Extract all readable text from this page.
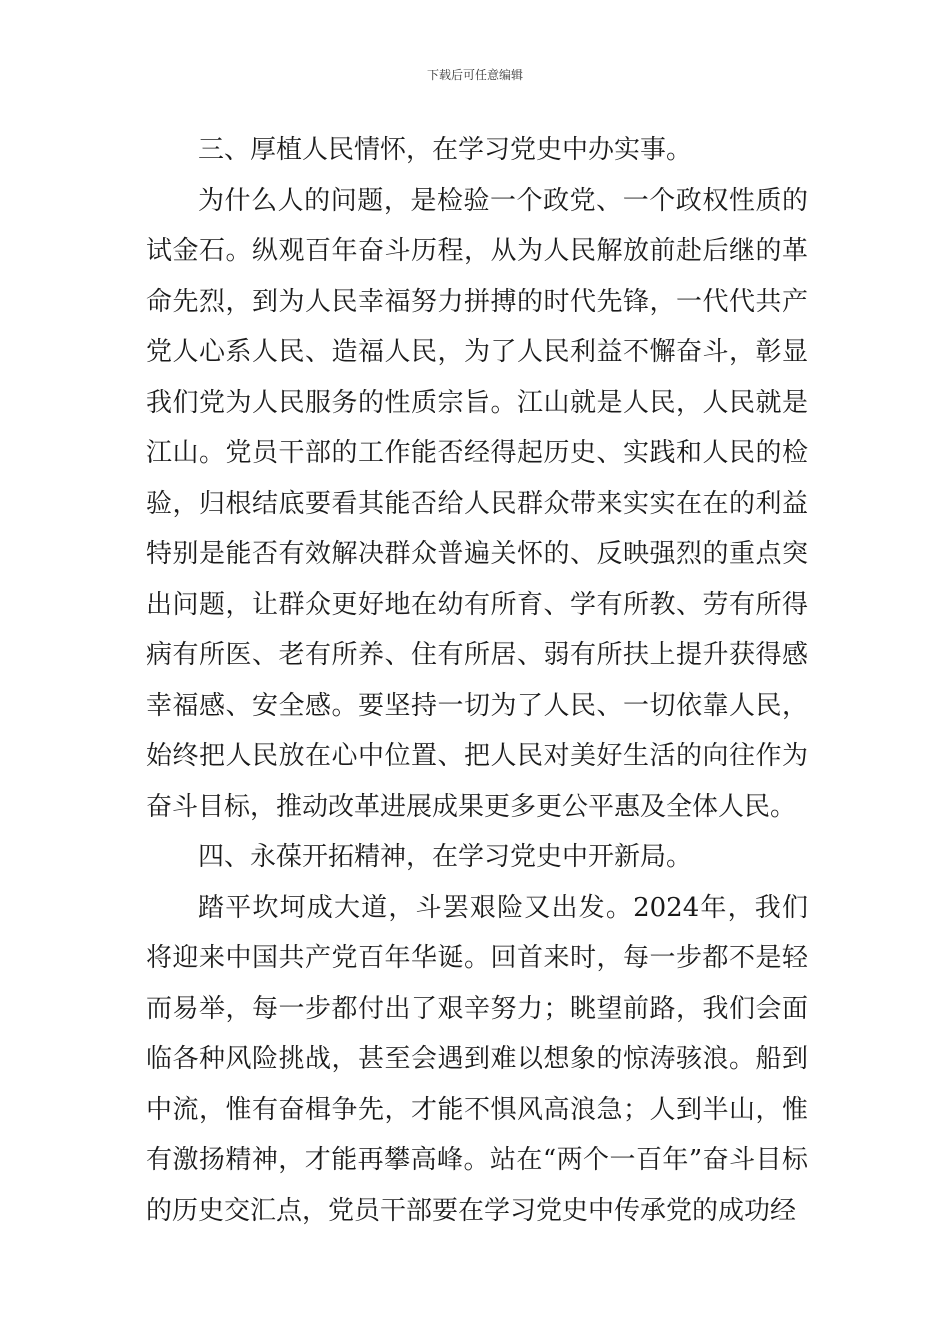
下载后可任意编辑

三、厚植人民情怀，在学习党史中办实事。

为什么人的问题，是检验一个政党、一个政权性质的试金石。纵观百年奋斗历程，从为人民解放前赴后继的革命先烈，到为人民幸福努力拼搏的时代先锋，一代代共产党人心系人民、造福人民，为了人民利益不懈奋斗，彰显我们党为人民服务的性质宗旨。江山就是人民，人民就是江山。党员干部的工作能否经得起历史、实践和人民的检验，归根结底要看其能否给人民群众带来实实在在的利益特别是能否有效解决群众普遍关怀的、反映强烈的重点突出问题，让群众更好地在幼有所育、学有所教、劳有所得病有所医、老有所养、住有所居、弱有所扶上提升获得感幸福感、安全感。要坚持一切为了人民、一切依靠人民，始终把人民放在心中位置、把人民对美好生活的向往作为奋斗目标，推动改革进展成果更多更公平惠及全体人民。

四、永葆开拓精神，在学习党史中开新局。

踏平坎坷成大道，斗罢艰险又出发。2024年，我们将迎来中国共产党百年华诞。回首来时，每一步都不是轻而易举，每一步都付出了艰辛努力；眺望前路，我们会面临各种风险挑战，甚至会遇到难以想象的惊涛骇浪。船到中流，惟有奋楫争先，才能不惧风高浪急；人到半山，惟有激扬精神，才能再攀高峰。站在“两个一百年”奋斗目标的历史交汇点，党员干部要在学习党史中传承党的成功经
